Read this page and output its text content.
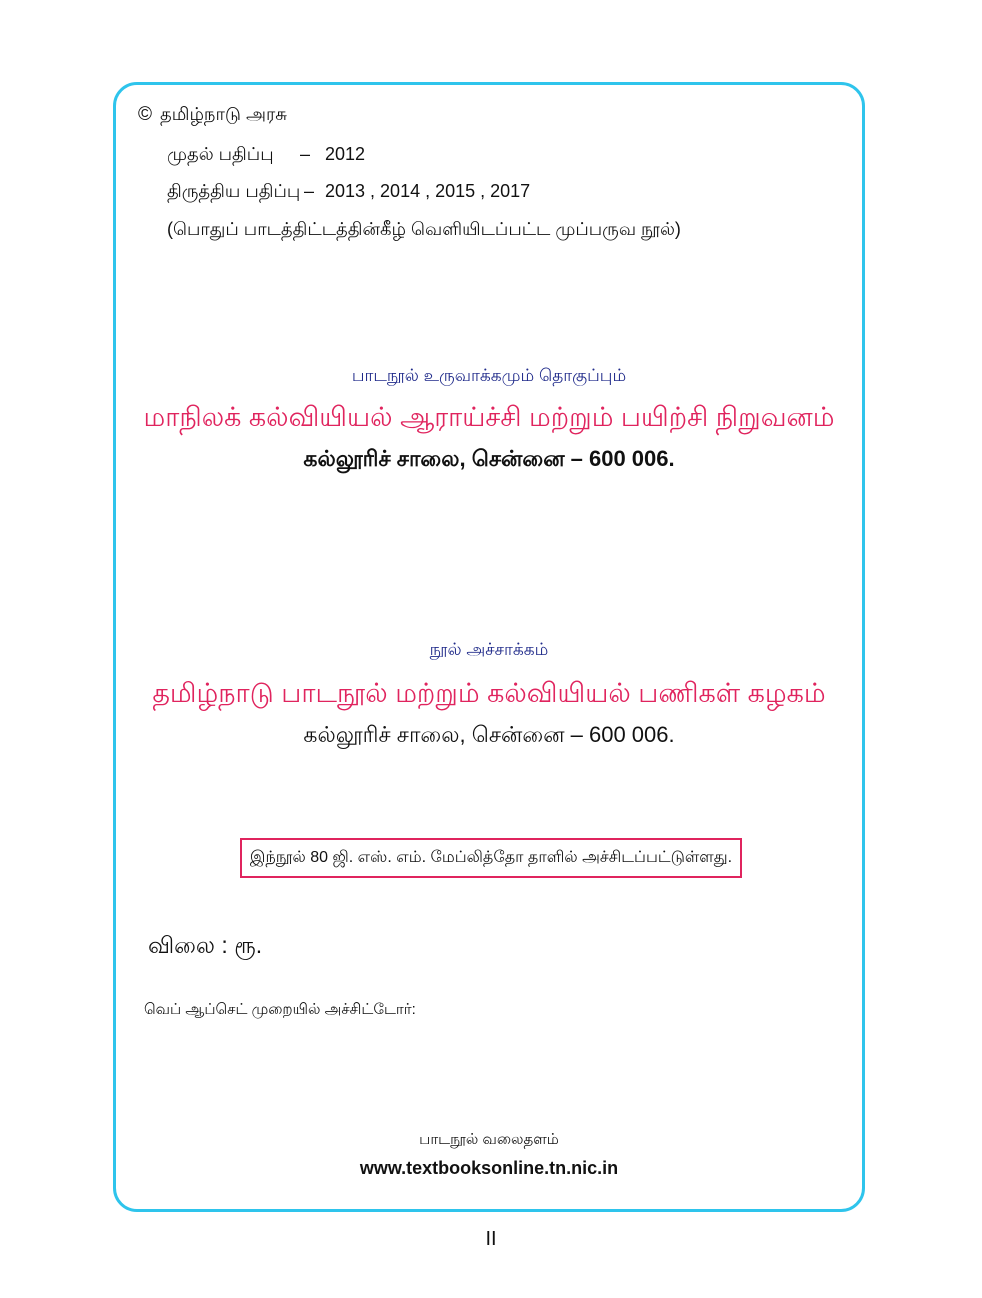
© தமிழ்நாடு அரசு
முதல் பதிப்பு – 2012
திருத்திய பதிப்பு – 2013 , 2014 , 2015 , 2017
(பொதுப் பாடத்திட்டத்தின்கீழ் வெளியிடப்பட்ட முப்பருவ நூல்)
பாடநூல் உருவாக்கமும் தொகுப்பும்
மாநிலக் கல்வியியல் ஆராய்ச்சி மற்றும் பயிற்சி நிறுவனம்
கல்லூரிச் சாலை, சென்னை – 600 006.
நூல் அச்சாக்கம்
தமிழ்நாடு பாடநூல் மற்றும் கல்வியியல் பணிகள் கழகம்
கல்லூரிச் சாலை, சென்னை – 600 006.
இந்நூல் 80 ஜி. எஸ். எம். மேப்லித்தோ தாளில் அச்சிடப்பட்டுள்ளது.
விலை : ரூ.
வெப் ஆப்செட் முறையில் அச்சிட்டோர்:
பாடநூல் வலைதளம்
www.textbooksonline.tn.nic.in
II
